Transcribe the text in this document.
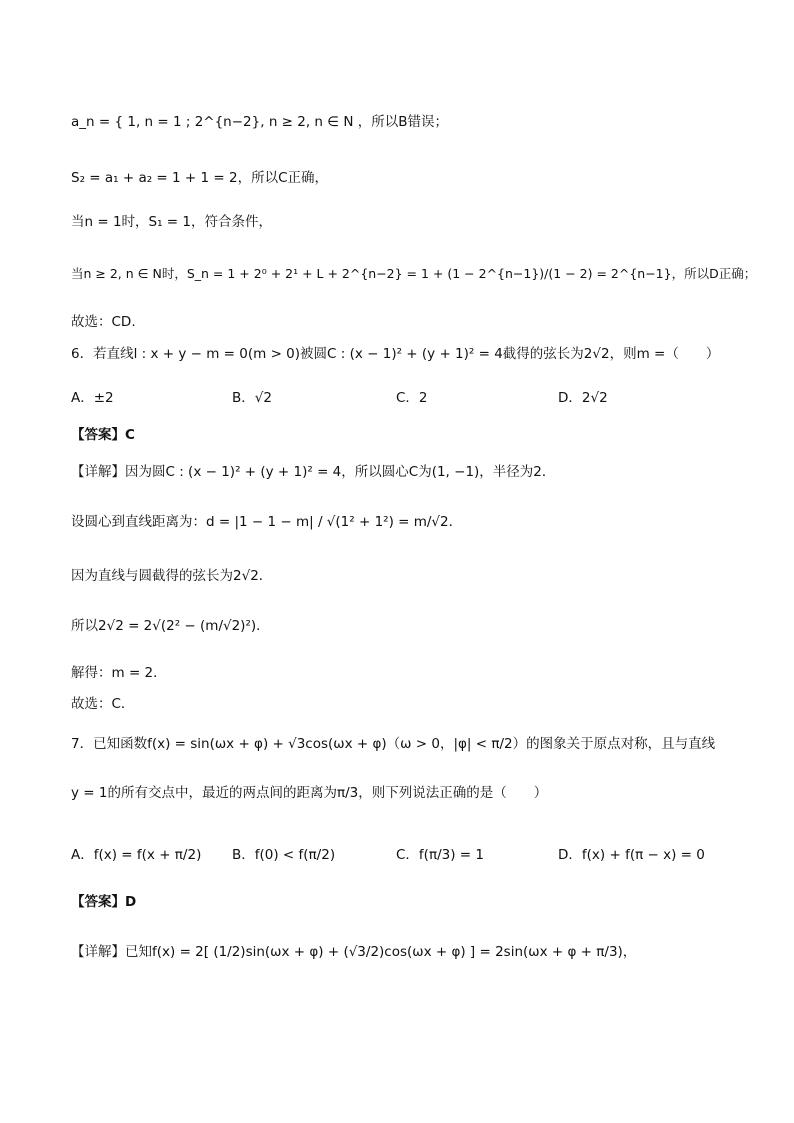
a_n = { 1, n = 1 ; 2^{n−2}, n ≥ 2, n ∈ N ，所以B错误；
S₂ = a₁ + a₂ = 1 + 1 = 2，所以C正确，
当n = 1时，S₁ = 1，符合条件，
当n ≥ 2, n ∈ N时，S_n = 1 + 2⁰ + 2¹ + L + 2^{n−2} = 1 + (1 − 2^{n−1})/(1 − 2) = 2^{n−1}，所以D正确；
故选：CD.
6．若直线l : x + y − m = 0(m > 0)被圆C : (x − 1)² + (y + 1)² = 4截得的弦长为2√2，则m =（　　）
A．±2	B．√2	C．2	D．2√2
【答案】C
【详解】因为圆C : (x − 1)² + (y + 1)² = 4，所以圆心C为(1, −1)，半径为2．
设圆心到直线距离为：d = |1 − 1 − m| / √(1² + 1²) = m/√2．
因为直线与圆截得的弦长为2√2．
所以2√2 = 2√(2² − (m/√2)²)．
解得：m = 2．
故选：C．
7．已知函数f(x) = sin(ωx + φ) + √3cos(ωx + φ)（ω > 0，|φ| < π/2）的图象关于原点对称，且与直线
y = 1的所有交点中，最近的两点间的距离为π/3，则下列说法正确的是（　　）
A．f(x) = f(x + π/2) B．f(0) < f(π/2)	C．f(π/3) = 1	D．f(x) + f(π − x) = 0
【答案】D
【详解】已知f(x) = 2[ (1/2)sin(ωx + φ) + (√3/2)cos(ωx + φ) ] = 2sin(ωx + φ + π/3)，
